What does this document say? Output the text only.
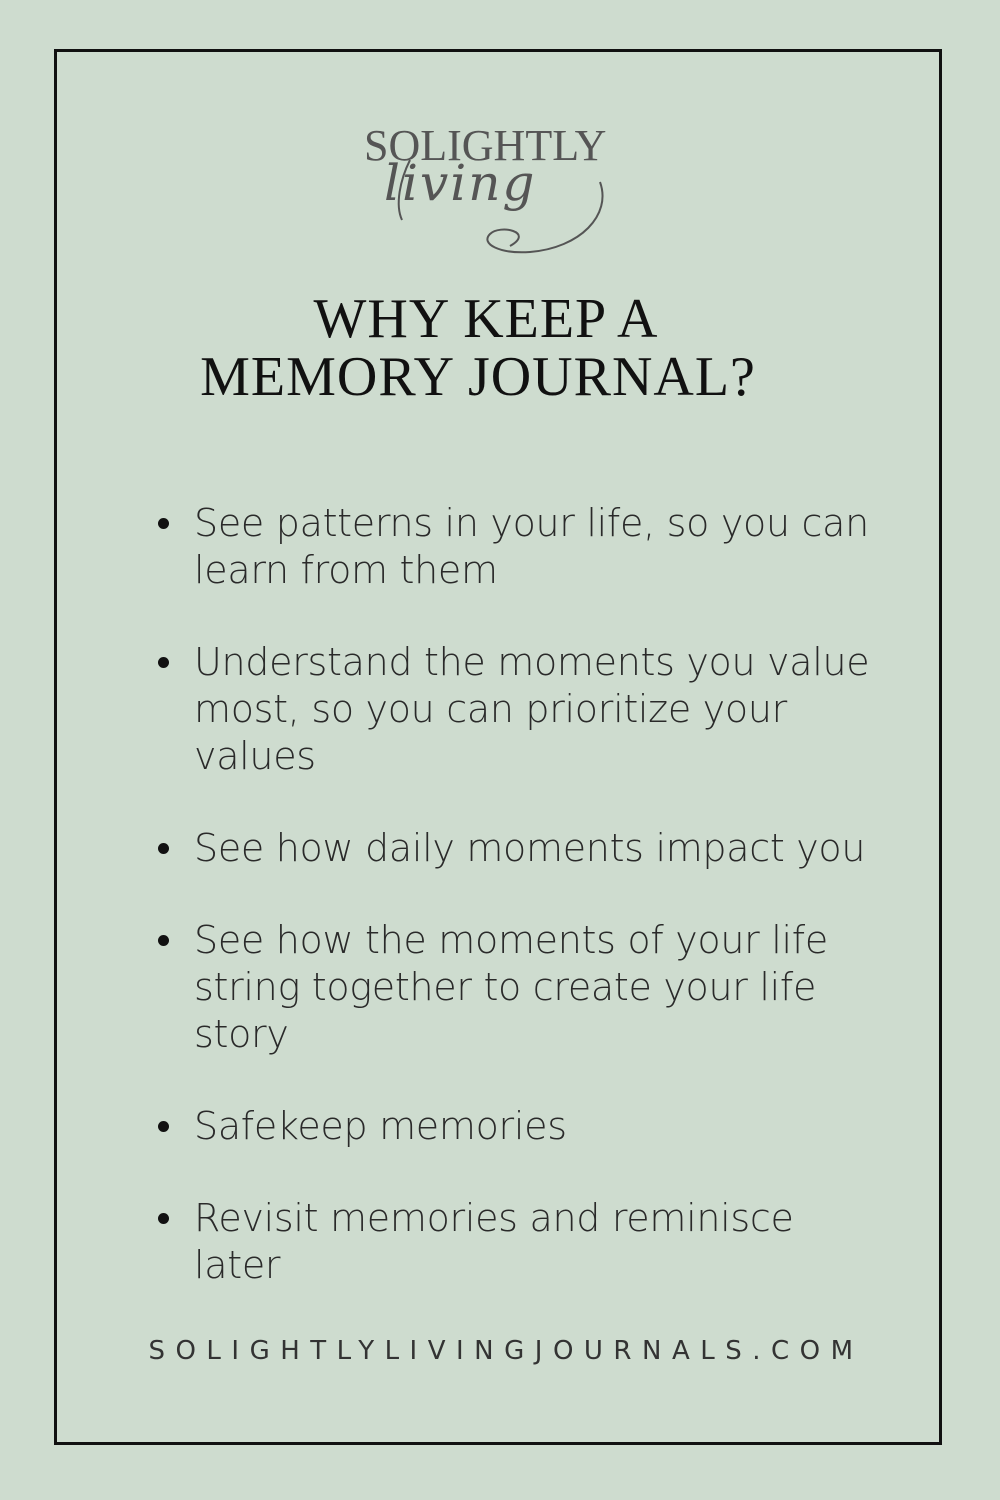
SOLIGHTLY
living
WHY KEEP A
MEMORY JOURNAL?
See patterns in your life, so you can learn from them
Understand the moments you value most, so you can prioritize your values
See how daily moments impact you
See how the moments of your life string together to create your life story
Safekeep memories
Revisit memories and reminisce later
SOLIGHTLYLIVINGJOURNALS.COM
